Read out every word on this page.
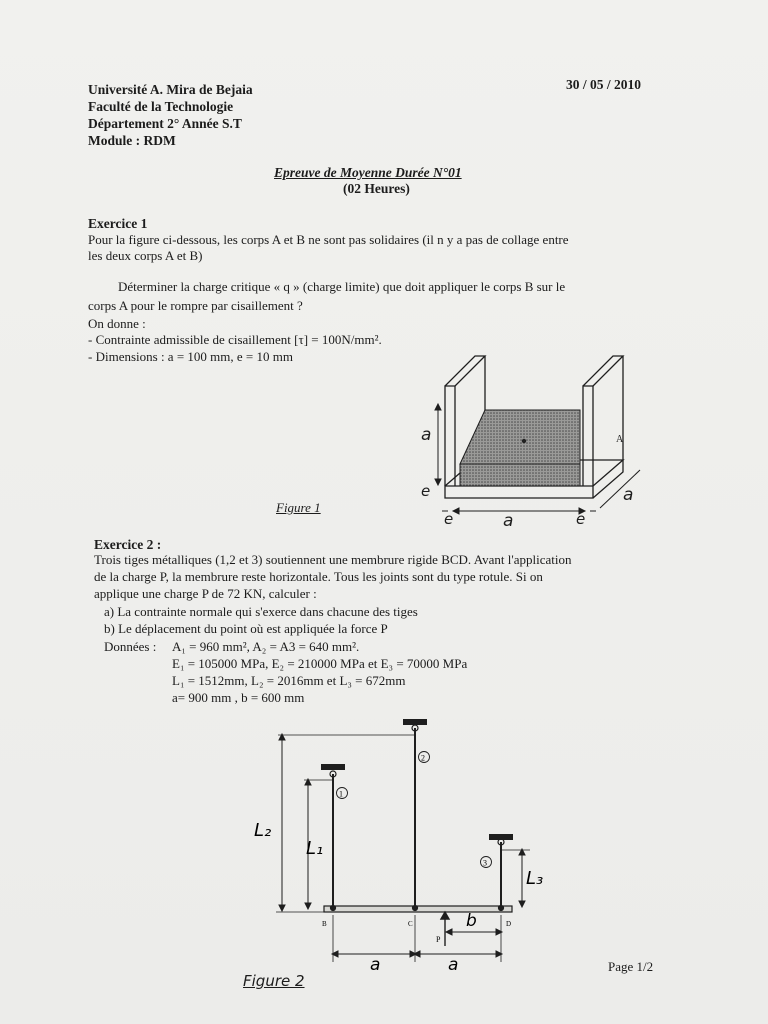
Université A. Mira de Bejaia
Faculté de la Technologie
Département 2° Année S.T
Module : RDM
30 / 05 / 2010
Epreuve de Moyenne Durée N°01
(02 Heures)
Exercice 1
Pour la figure ci-dessous, les corps A et B ne sont pas solidaires (il n y a pas de collage entre
les deux corps A et B)
Déterminer la charge critique « q » (charge limite) que doit appliquer le corps B sur le
corps A pour le rompre par cisaillement ?
On donne :
- Contrainte admissible de cisaillement [τ] = 100N/mm².
- Dimensions : a = 100 mm, e = 10 mm
A
a
e
a
e	e
a
Figure 1
Exercice 2 :
Trois tiges métalliques (1,2 et 3) soutiennent une membrure rigide BCD. Avant l'application
de la charge P, la membrure reste horizontale. Tous les joints sont du type rotule. Si on
applique une charge P de 72 KN, calculer :
a) La contrainte normale qui s'exerce dans chacune des tiges
b) Le déplacement du point où est appliquée la force P
Données : A₁ = 960 mm², A₂ = A3 = 640 mm².
E₁ = 105000 MPa, E₂ = 210000 MPa et E₃ = 70000 MPa
L₁ = 1512mm, L₂ = 2016mm et L₃ = 672mm
a= 900 mm , b = 600 mm
1
2
3
L₂
L₁
L₃
B	C	D
P
b
a	a
Figure 2
Page 1/2
